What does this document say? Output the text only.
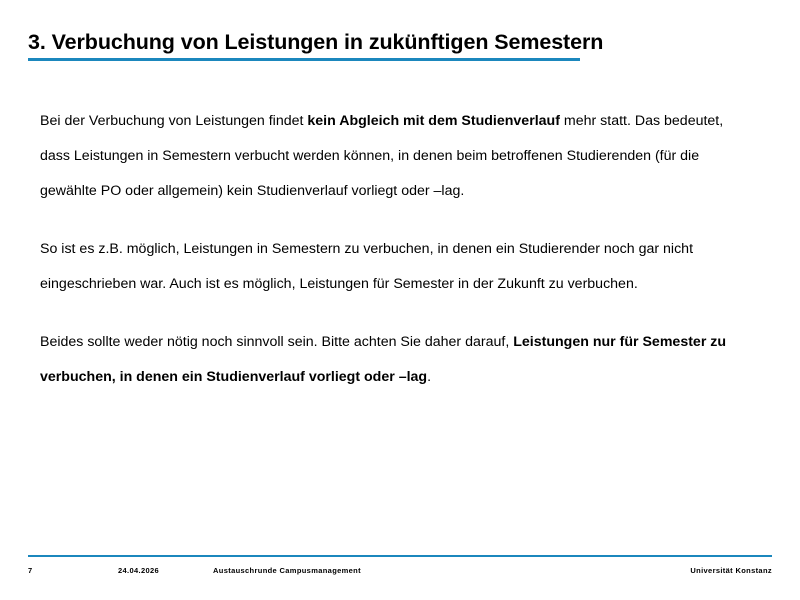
3. Verbuchung von Leistungen in zukünftigen Semestern

Bei der Verbuchung von Leistungen findet kein Abgleich mit dem Studienverlauf mehr statt. Das bedeutet, dass Leistungen in Semestern verbucht werden können, in denen beim betroffenen Studierenden (für die gewählte PO oder allgemein) kein Studienverlauf vorliegt oder –lag.

So ist es z.B. möglich, Leistungen in Semestern zu verbuchen, in denen ein Studierender noch gar nicht eingeschrieben war. Auch ist es möglich, Leistungen für Semester in der Zukunft zu verbuchen.

Beides sollte weder nötig noch sinnvoll sein. Bitte achten Sie daher darauf, Leistungen nur für Semester zu verbuchen, in denen ein Studienverlauf vorliegt oder –lag.

7	24.04.2026	Austauschrunde Campusmanagement	Universität Konstanz
